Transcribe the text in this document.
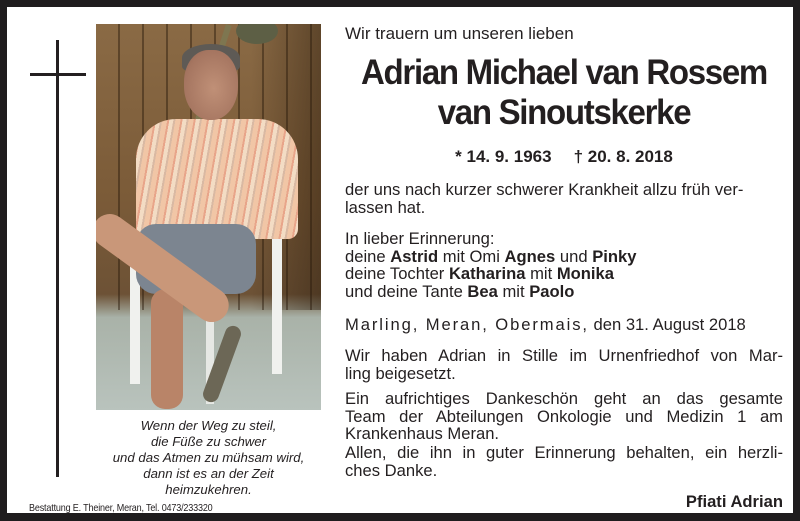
Wenn der Weg zu steil,
die Füße zu schwer
und das Atmen zu mühsam wird,
dann ist es an der Zeit
heimzukehren.
Bestattung E. Theiner, Meran, Tel. 0473/233320
Wir trauern um unseren lieben
Adrian Michael van Rossem
van Sinoutskerke
* 14. 9. 1963 † 20. 8. 2018
der uns nach kurzer schwerer Krankheit allzu früh ver-
lassen hat.
In lieber Erinnerung:
deine Astrid mit Omi Agnes und Pinky
deine Tochter Katharina mit Monika
und deine Tante Bea mit Paolo
Marling, Meran, Obermais, den 31. August 2018
Wir haben Adrian in Stille im Urnenfriedhof von Mar-
ling beigesetzt.
Ein aufrichtiges Dankeschön geht an das gesamte
Team der Abteilungen Onkologie und Medizin 1 am
Krankenhaus Meran.
Allen, die ihn in guter Erinnerung behalten, ein herzli-
ches Danke.
Pfiati Adrian
